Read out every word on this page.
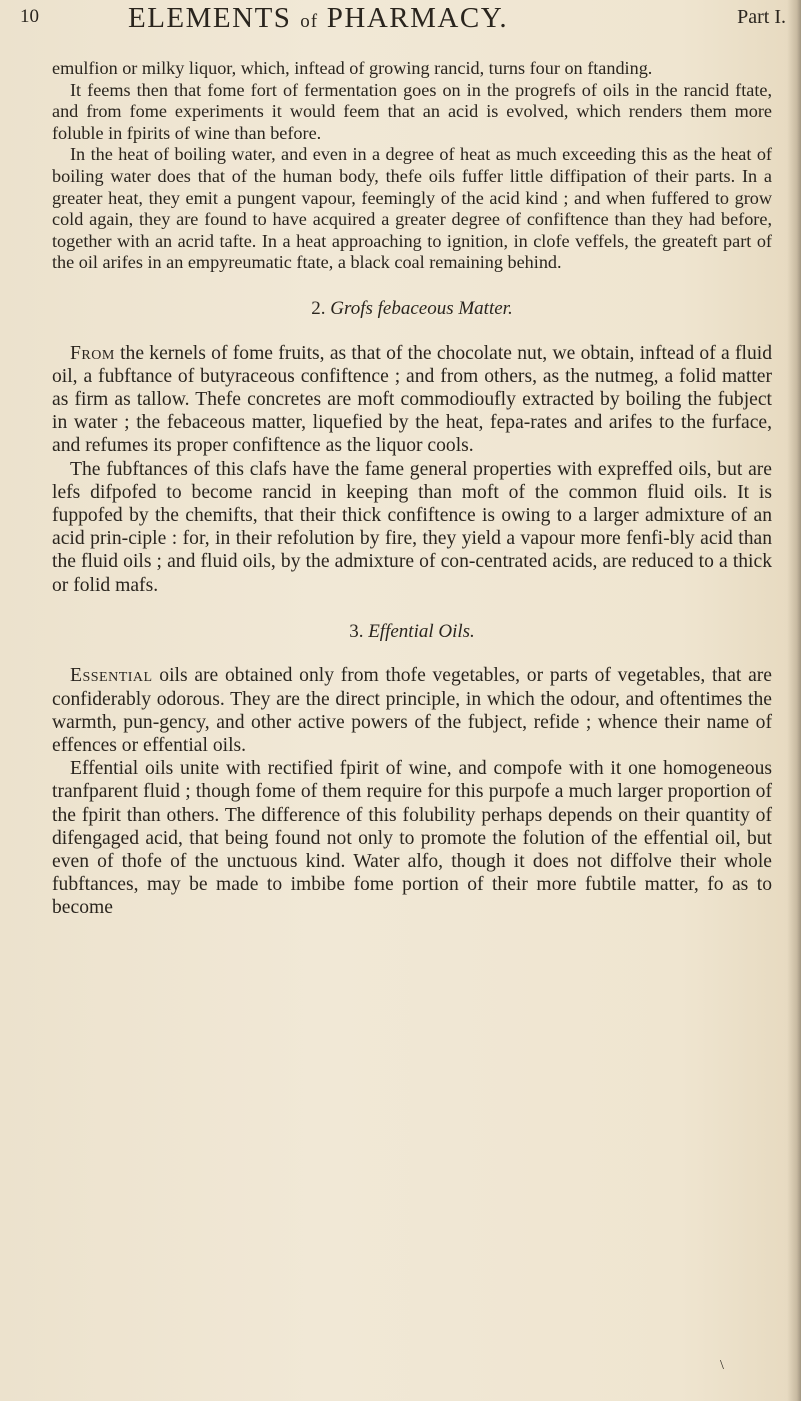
10	ELEMENTS of PHARMACY.	Part I.

emulfion or milky liquor, which, inftead of growing rancid, turns four on ftanding.

It feems then that fome fort of fermentation goes on in the progrefs of oils in the rancid ftate, and from fome experiments it would feem that an acid is evolved, which renders them more foluble in fpirits of wine than before.

In the heat of boiling water, and even in a degree of heat as much exceeding this as the heat of boiling water does that of the human body, thefe oils fuffer little diffipation of their parts. In a greater heat, they emit a pungent vapour, feemingly of the acid kind ; and when fuffered to grow cold again, they are found to have acquired a greater degree of confiftence than they had before, together with an acrid tafte. In a heat approaching to ignition, in clofe veffels, the greateft part of the oil arifes in an empyreumatic ftate, a black coal remaining behind.

2. Grofs febaceous Matter.

From the kernels of fome fruits, as that of the chocolate nut, we obtain, inftead of a fluid oil, a fubftance of butyraceous confiftence ; and from others, as the nutmeg, a folid matter as firm as tallow. Thefe concretes are moft commodioufly extracted by boiling the fubject in water ; the febaceous matter, liquefied by the heat, fepa-rates and arifes to the furface, and refumes its proper confiftence as the liquor cools.

The fubftances of this clafs have the fame general properties with expreffed oils, but are lefs difpofed to become rancid in keeping than moft of the common fluid oils. It is fuppofed by the chemifts, that their thick confiftence is owing to a larger admixture of an acid prin-ciple : for, in their refolution by fire, they yield a vapour more fenfi-bly acid than the fluid oils ; and fluid oils, by the admixture of con-centrated acids, are reduced to a thick or folid mafs.

3. Effential Oils.

Essential oils are obtained only from thofe vegetables, or parts of vegetables, that are confiderably odorous. They are the direct principle, in which the odour, and oftentimes the warmth, pun-gency, and other active powers of the fubject, refide ; whence their name of effences or effential oils.

Effential oils unite with rectified fpirit of wine, and compofe with it one homogeneous tranfparent fluid ; though fome of them require for this purpofe a much larger proportion of the fpirit than others. The difference of this folubility perhaps depends on their quantity of difengaged acid, that being found not only to promote the folution of the effential oil, but even of thofe of the unctuous kind. Water alfo, though it does not diffolve their whole fubftances, may be made to imbibe fome portion of their more fubtile matter, fo as to become

\
